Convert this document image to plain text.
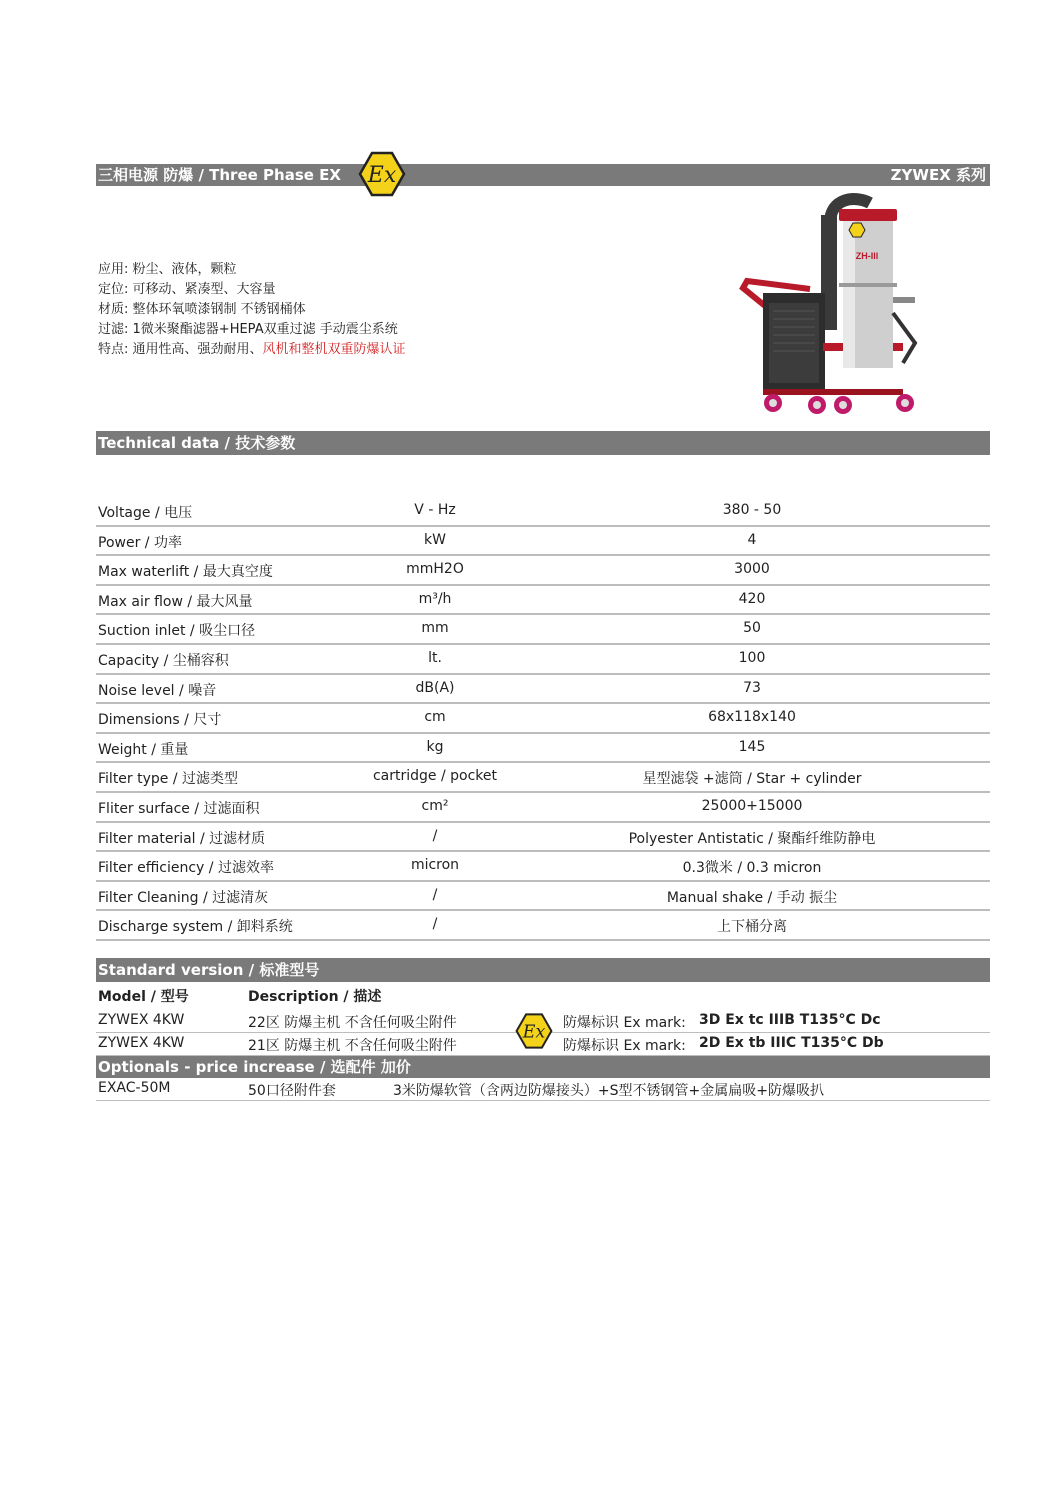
三相电源 防爆 / Three Phase EX Ex	ZYWEX 系列
应用: 粉尘、液体，颗粒
定位: 可移动、紧凑型、大容量
材质: 整体环氧喷漆钢制 不锈钢桶体
过滤: 1微米聚酯滤器+HEPA双重过滤 手动震尘系统
特点: 通用性高、强劲耐用、风机和整机双重防爆认证
ZH-Ill
Technical data / 技术参数
Voltage / 电压	V - Hz	380 - 50
Power / 功率	kW	4
Max waterlift / 最大真空度	mmH2O	3000
Max air flow / 最大风量	m³/h	420
Suction inlet / 吸尘口径	mm	50
Capacity / 尘桶容积	lt.	100
Noise level / 噪音	dB(A)	73
Dimensions / 尺寸	cm	68x118x140
Weight / 重量	kg	145
Filter type / 过滤类型	cartridge / pocket	星型滤袋 +滤筒 / Star + cylinder
Fliter surface / 过滤面积	cm²	25000+15000
Filter material / 过滤材质	/	Polyester Antistatic / 聚酯纤维防静电
Filter efficiency / 过滤效率	micron	0.3微米 / 0.3 micron
Filter Cleaning / 过滤清灰	/	Manual shake / 手动 振尘
Discharge system / 卸料系统	/	上下桶分离
Standard version / 标准型号
Model / 型号	Description / 描述
ZYWEX 4KW	22区 防爆主机 不含任何吸尘附件	防爆标识 Ex mark: 3D Ex tc IIIB T135°C Dc
ZYWEX 4KW	21区 防爆主机 不含任何吸尘附件	防爆标识 Ex mark: 2D Ex tb IIIC T135°C Db
Ex
Optionals - price increase / 选配件 加价
EXAC-50M	50口径附件套	3米防爆软管（含两边防爆接头）+S型不锈钢管+金属扁吸+防爆吸扒
